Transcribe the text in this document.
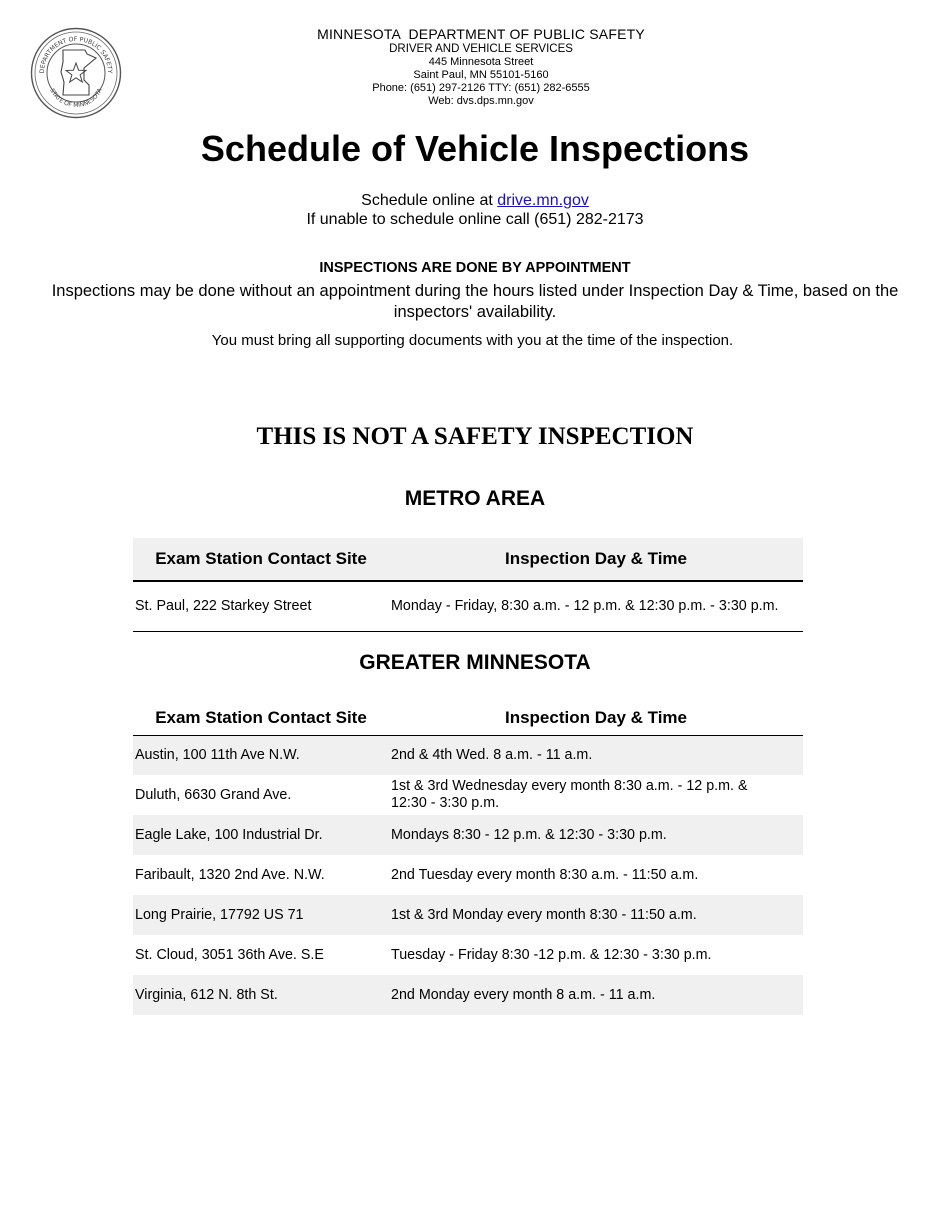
DEPARTMENT OF PUBLIC SAFETY
STATE OF MINNESOTA
MINNESOTA  DEPARTMENT OF PUBLIC SAFETY
DRIVER AND VEHICLE SERVICES
445 Minnesota Street
Saint Paul, MN 55101-5160
Phone: (651) 297-2126 TTY: (651) 282-6555
Web: dvs.dps.mn.gov
Schedule of Vehicle Inspections
Schedule online at drive.mn.gov
If unable to schedule online call (651) 282-2173
INSPECTIONS ARE DONE BY APPOINTMENT
Inspections may be done without an appointment during the hours listed under Inspection Day & Time, based on the inspectors' availability.
You must bring all supporting documents with you at the time of the inspection.
THIS IS NOT A SAFETY INSPECTION
METRO AREA
Exam Station Contact Site	Inspection Day & Time
St. Paul, 222 Starkey Street	Monday - Friday, 8:30 a.m. - 12 p.m. & 12:30 p.m. - 3:30 p.m.
GREATER MINNESOTA
Exam Station Contact Site	Inspection Day & Time
Austin, 100 11th Ave N.W.	2nd & 4th Wed. 8 a.m. - 11 a.m.
Duluth, 6630 Grand Ave.	1st & 3rd Wednesday every month 8:30 a.m. - 12 p.m. & 12:30 - 3:30 p.m.
Eagle Lake, 100 Industrial Dr.	Mondays 8:30 - 12 p.m. & 12:30 - 3:30 p.m.
Faribault, 1320 2nd Ave. N.W.	2nd Tuesday every month 8:30 a.m. - 11:50 a.m.
Long Prairie, 17792 US 71	1st & 3rd Monday every month 8:30 - 11:50 a.m.
St. Cloud, 3051 36th Ave. S.E	Tuesday - Friday 8:30 -12 p.m. & 12:30 - 3:30 p.m.
Virginia, 612 N. 8th St.	2nd Monday every month 8 a.m. - 11 a.m.
